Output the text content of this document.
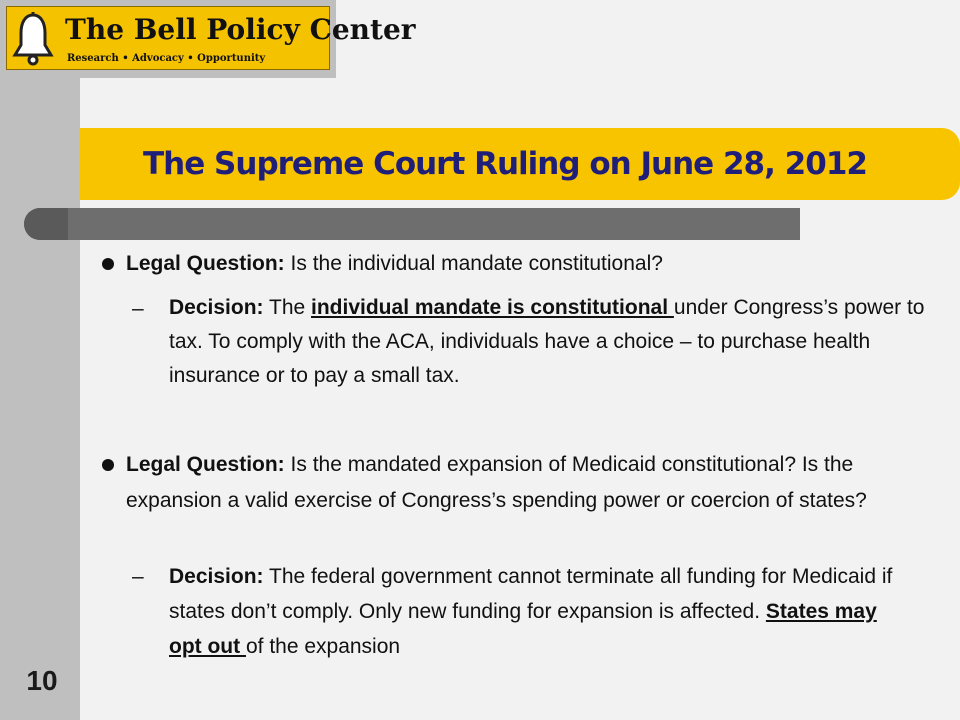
The Bell Policy Center
Research • Advocacy • Opportunity
The Supreme Court Ruling on June 28, 2012
Legal Question: Is the individual mandate constitutional?
– Decision: The individual mandate is constitutional under Congress’s power to tax. To comply with the ACA, individuals have a choice – to purchase health insurance or to pay a small tax.
Legal Question: Is the mandated expansion of Medicaid constitutional? Is the expansion a valid exercise of Congress’s spending power or coercion of states?
– Decision: The federal government cannot terminate all funding for Medicaid if states don’t comply. Only new funding for expansion is affected. States may opt out of the expansion
10
